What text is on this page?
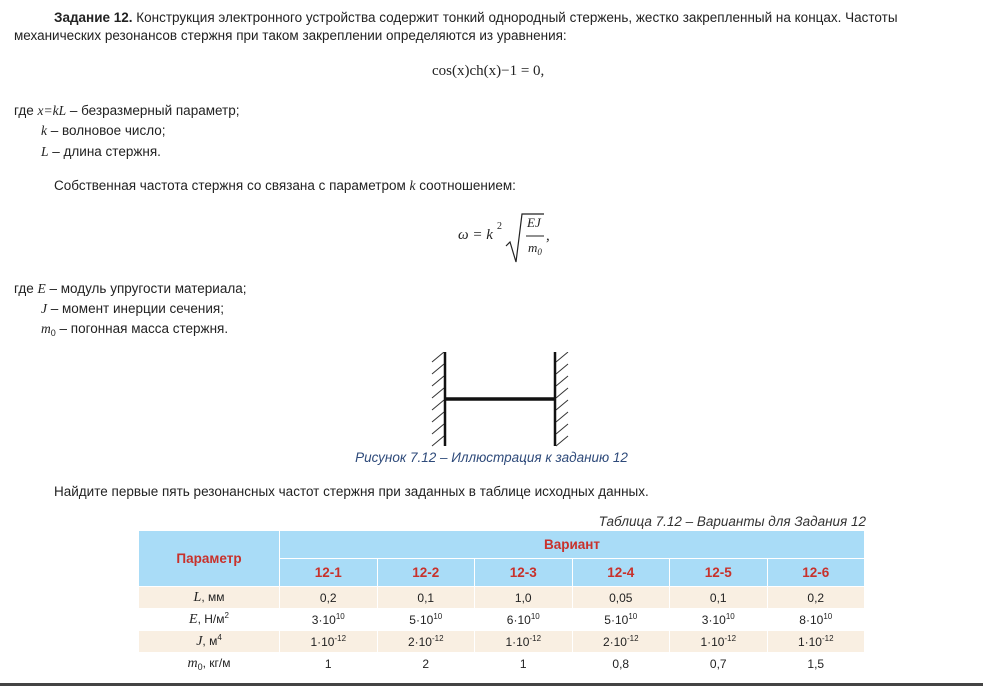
Задание 12. Конструкция электронного устройства содержит тонкий однородный стержень, жестко закрепленный на концах. Частоты
механических резонансов стержня при таком закреплении определяются из уравнения:
cos(x)ch(x)−1 = 0,
где x=kL – безразмерный параметр;
k – волновое число;
L – длина стержня.
Собственная частота стержня со связана с параметром k соотношением:
ω = k
2 EJ
$m_0$
,
где E – модуль упругости материала;
J – момент инерции сечения;
$m_0$ – погонная масса стержня.
Рисунок 7.12 – Иллюстрация к заданию 12
Найдите первые пять резонансных частот стержня при заданных в таблице исходных данных.
Таблица 7.12 – Варианты для Задания 12
Параметр	Вариант					
	12-1	12-2	12-3	12-4	12-5	12-6
L, мм	0,2	0,1	1,0	0,05	0,1	0,2
E, $Н/м^2$	$3\cdot 10^{10}$	$5\cdot 10^{10}$	$6\cdot 10^{10}$	$5\cdot 10^{10}$	$3\cdot 10^{10}$	$8\cdot 10^{10}$
J, $м^4$	$1\cdot 10^{-12}$	$2\cdot 10^{-12}$	$1\cdot 10^{-12}$	$2\cdot 10^{-12}$	$1\cdot 10^{-12}$	$1\cdot 10^{-12}$
$m_0$, кг/м	1	2	1	0,8	0,7	1,5
